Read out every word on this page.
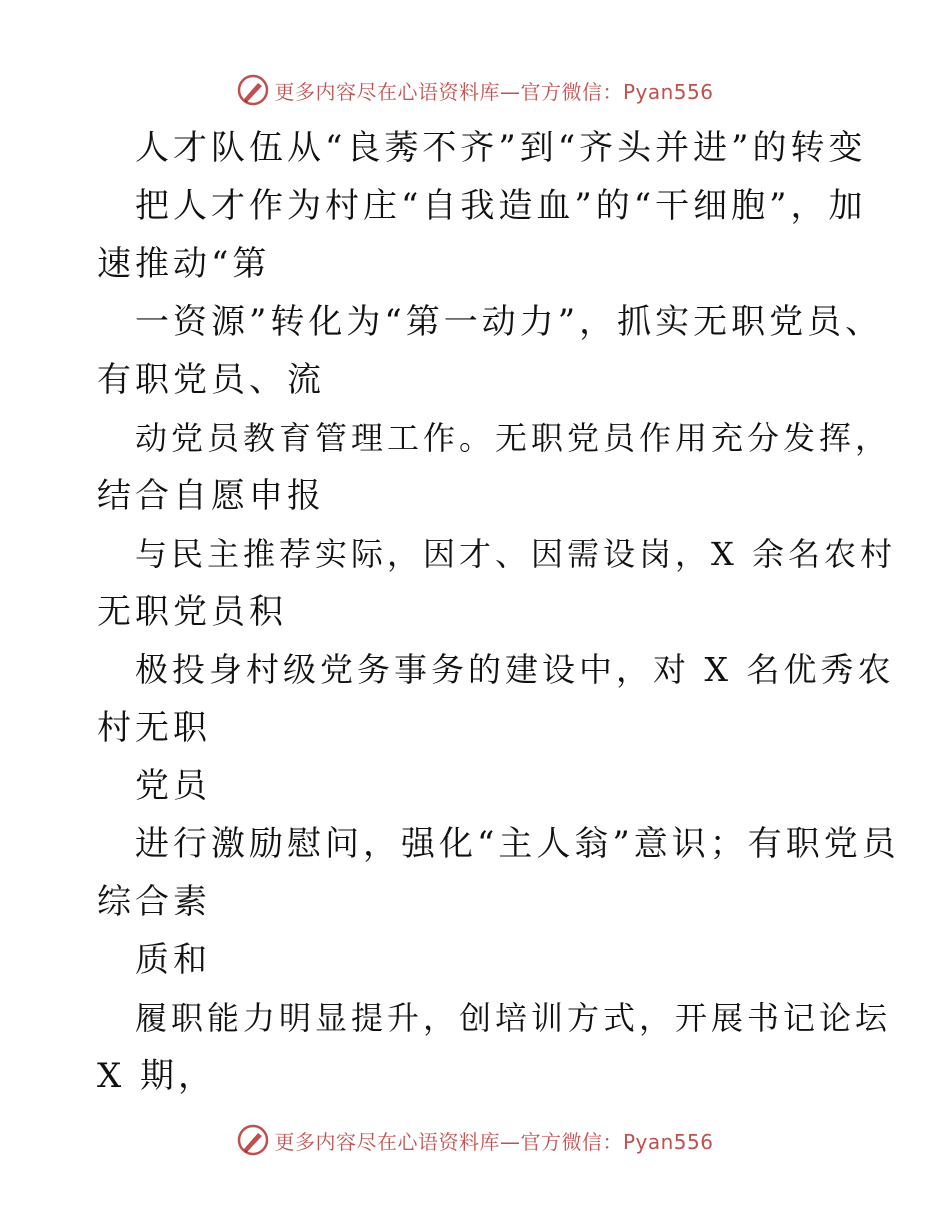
更多内容尽在心语资料库—官方微信：Pyan556
人才队伍从“良莠不齐”到“齐头并进”的转变
把人才作为村庄“自我造血”的“干细胞”，加
速推动“第
一资源”转化为“第一动力”，抓实无职党员、
有职党员、流
动党员教育管理工作。无职党员作用充分发挥，
结合自愿申报
与民主推荐实际，因才、因需设岗，X 余名农村
无职党员积
极投身村级党务事务的建设中，对 X 名优秀农
村无职
党员
进行激励慰问，强化“主人翁”意识；有职党员
综合素
质和
履职能力明显提升，创培训方式，开展书记论坛
X 期，
更多内容尽在心语资料库—官方微信：Pyan556
